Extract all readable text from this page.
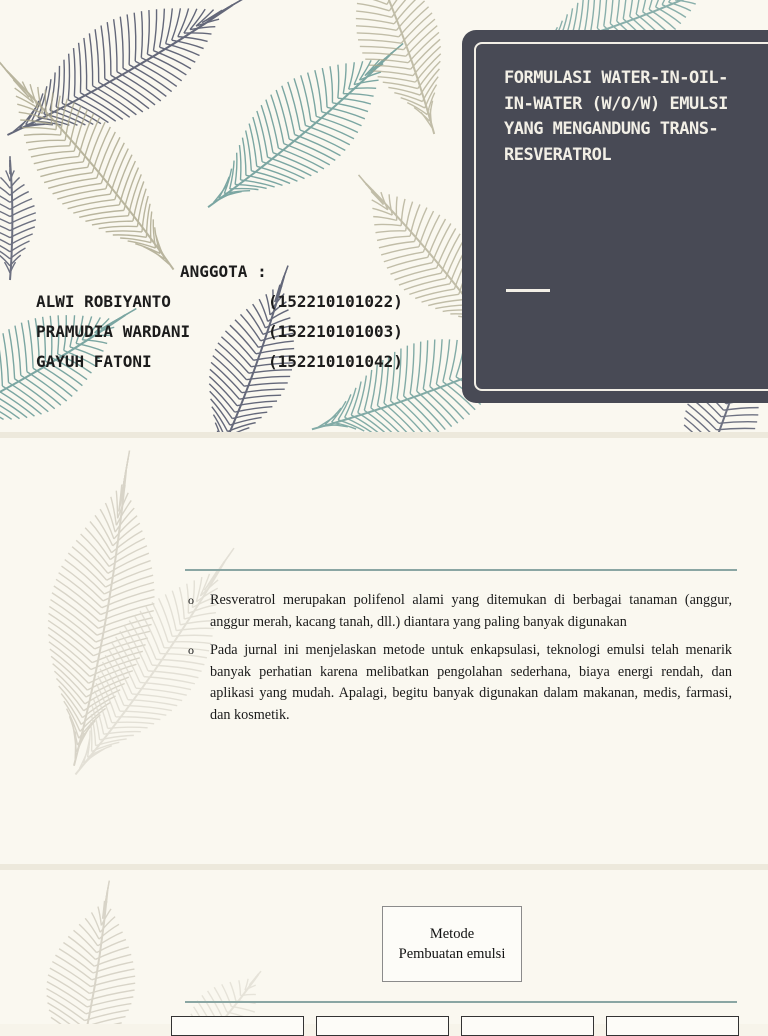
FORMULASI WATER-IN-OIL-IN-WATER (W/O/W) EMULSI YANG MENGANDUNG TRANS-RESVERATROL
ANGGOTA :
ALWI ROBIYANTO	(152210101022)
PRAMUDIA WARDANI	(152210101003)
GAYUH FATONI	(152210101042)
o Resveratrol merupakan polifenol alami yang ditemukan di berbagai tanaman (anggur, anggur merah, kacang tanah, dll.) diantara yang paling banyak digunakan
o Pada jurnal ini menjelaskan metode untuk enkapsulasi, teknologi emulsi telah menarik banyak perhatian karena melibatkan pengolahan sederhana, biaya energi rendah, dan aplikasi yang mudah. Apalagi, begitu banyak digunakan dalam makanan, medis, farmasi, dan kosmetik.
Metode
Pembuatan emulsi
